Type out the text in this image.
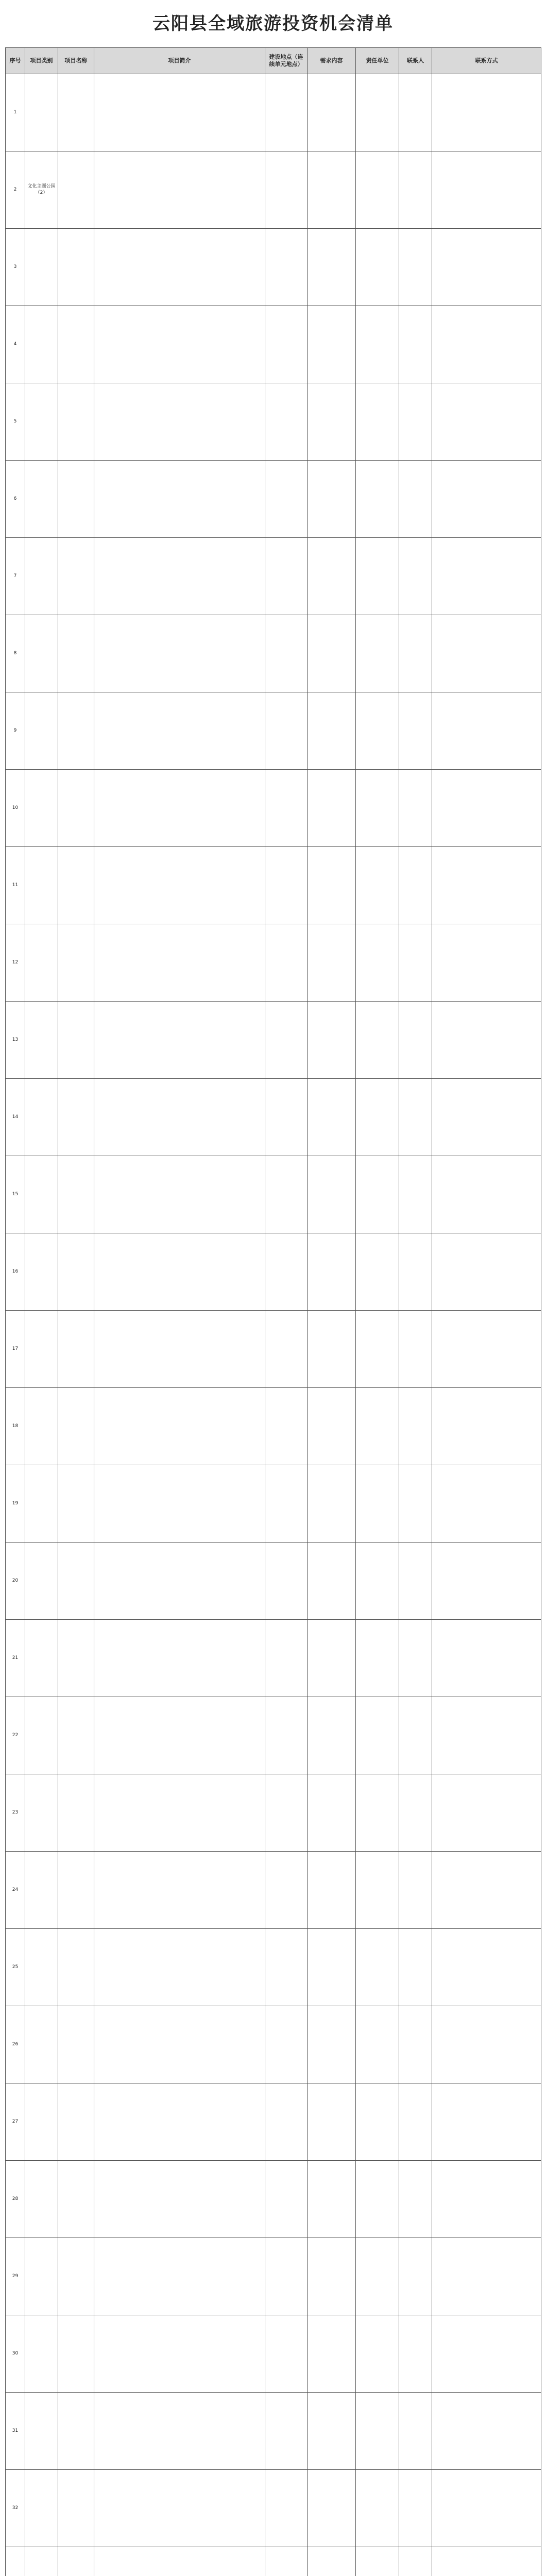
云阳县全域旅游投资机会清单
序号	项目类别	项目名称	项目简介	建设地点（连续单元地点）	需求内容	责任单位	联系人	联系方式
1								
2	文化主题公园（2）							
3								
4								
5								
6								
7								
8								
9								
10								
11								
12								
13								
14								
15								
16								
17								
18								
19								
20								
21								
22								
23								
24								
25								
26								
27								
28								
29								
30								
31								
32								
